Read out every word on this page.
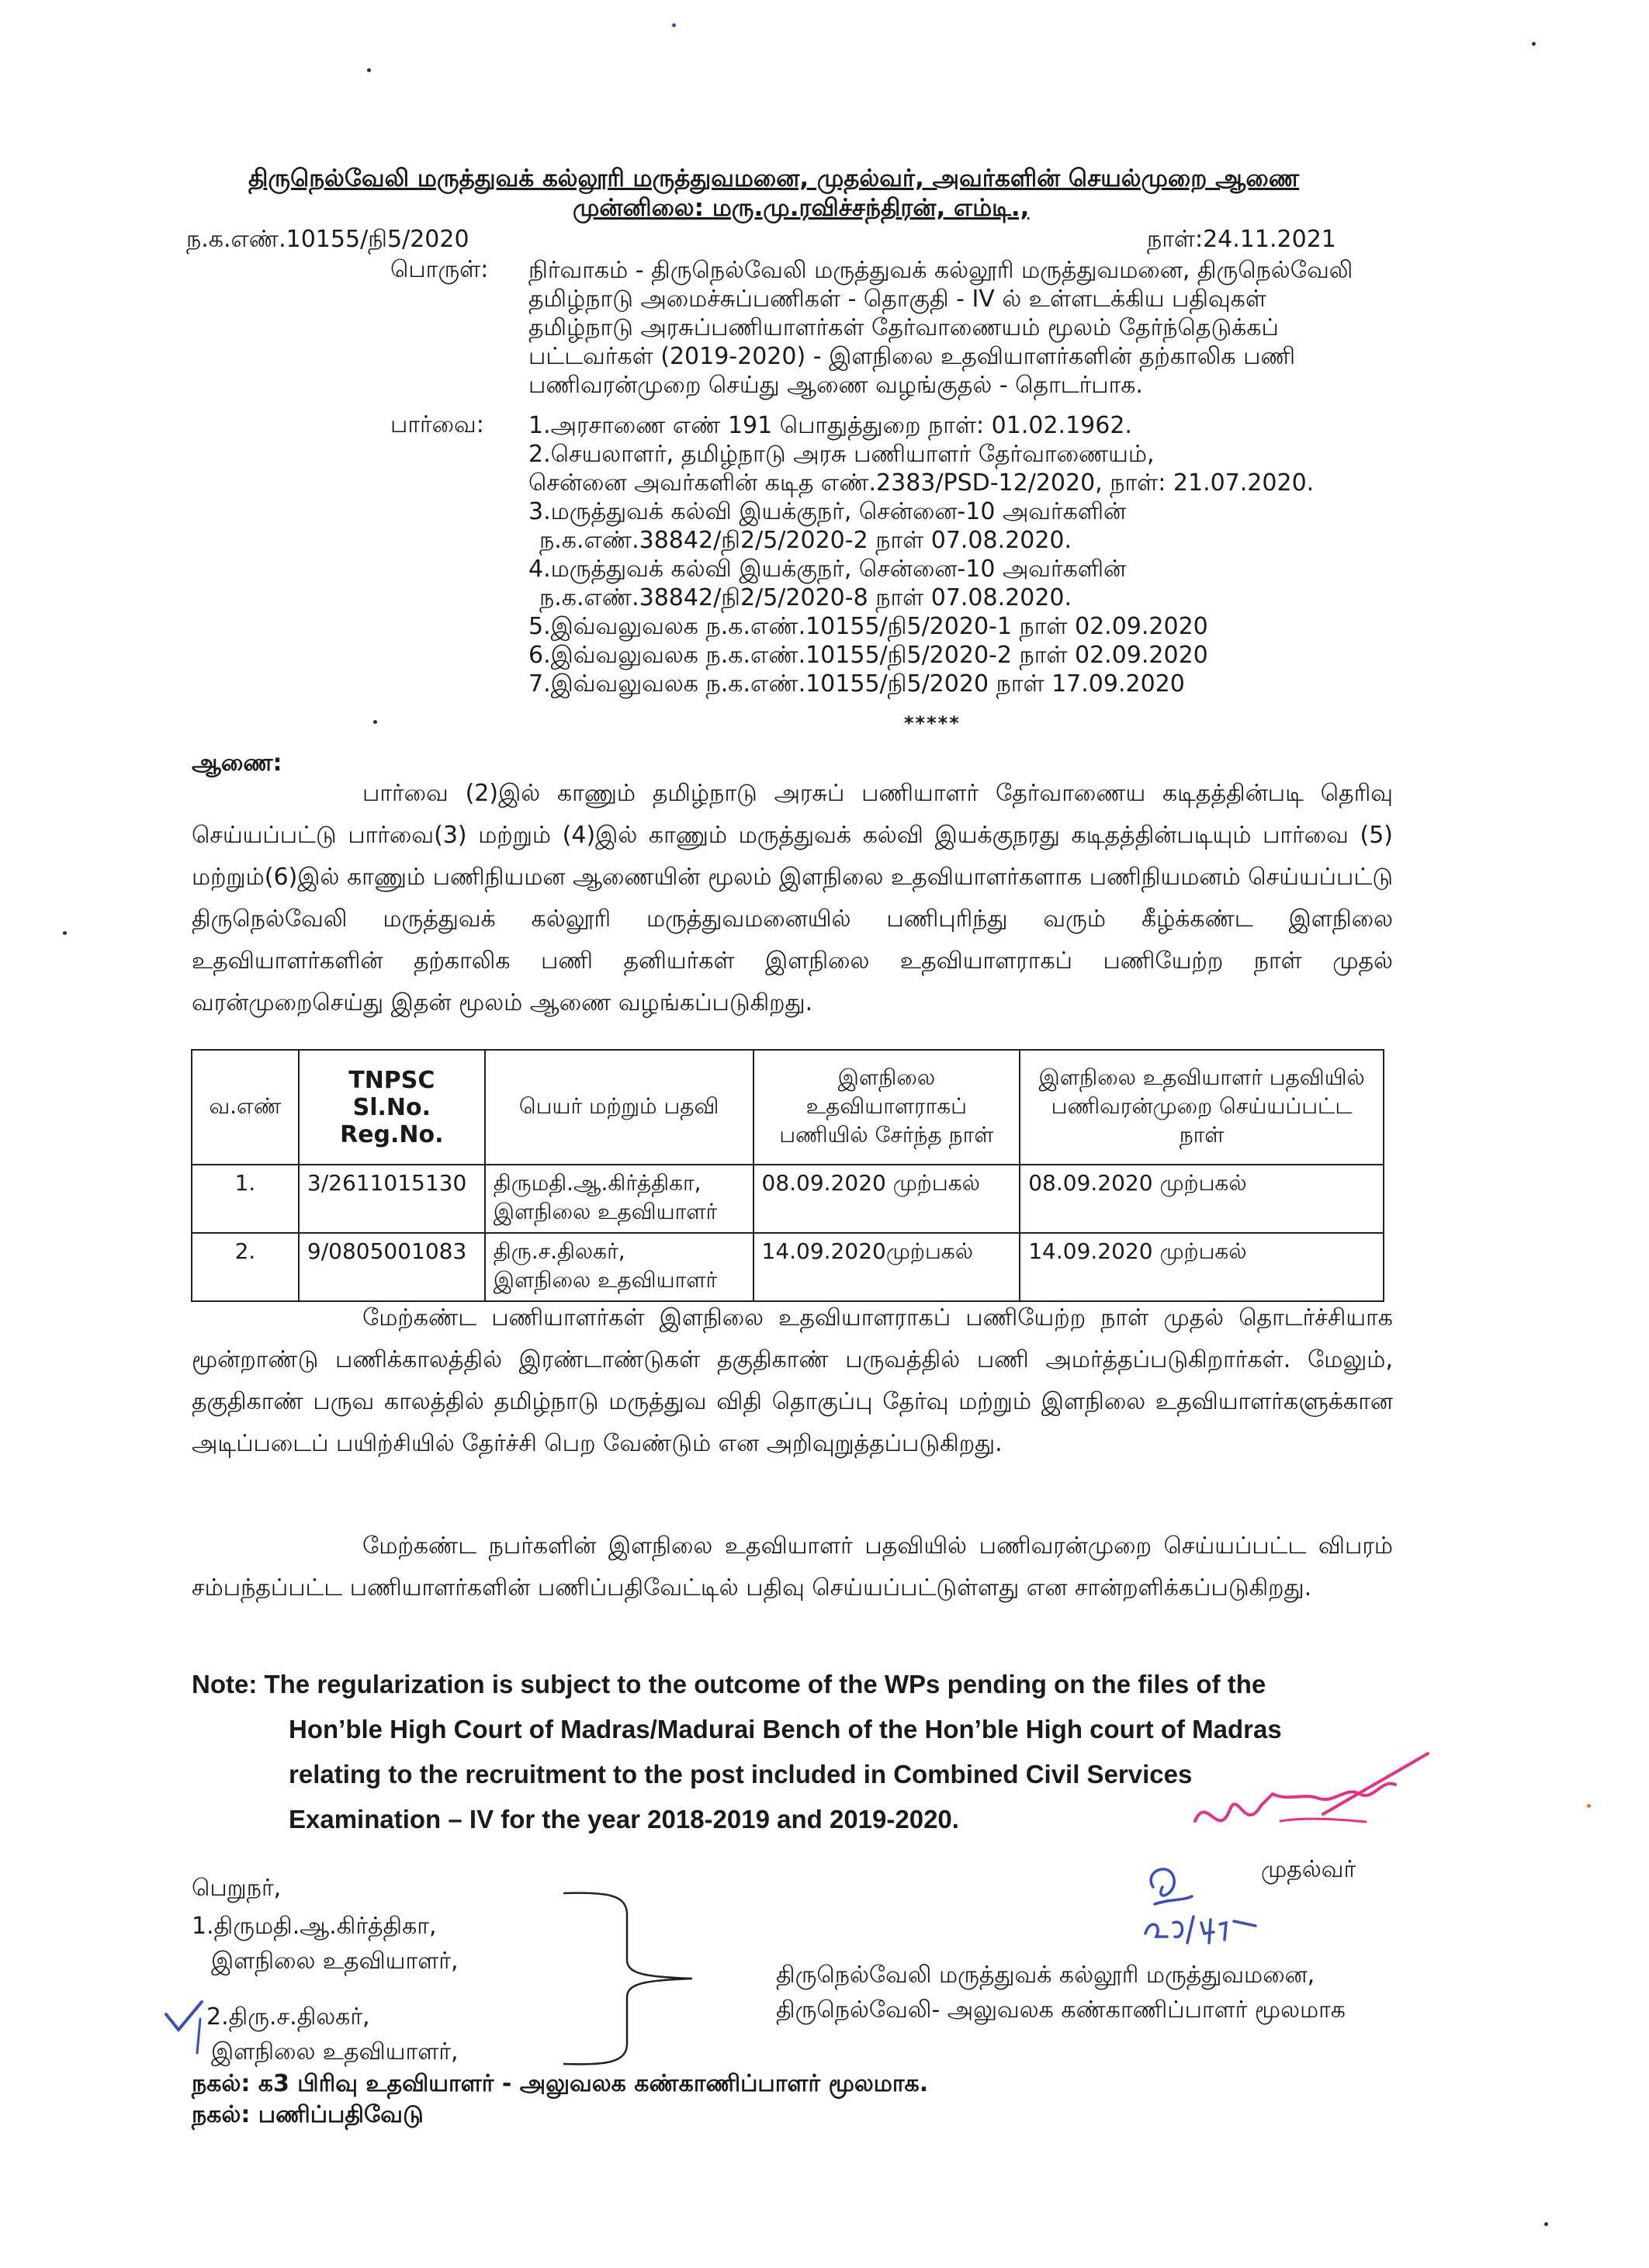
திருநெல்வேலி மருத்துவக் கல்லூரி மருத்துவமனை, முதல்வர், அவர்களின் செயல்முறை ஆணை
முன்னிலை: மரு.மு.ரவிச்சந்திரன், எம்டி.,
ந.க.எண்.10155/நி5/2020	நாள்:24.11.2021
பொருள்: நிர்வாகம் - திருநெல்வேலி மருத்துவக் கல்லூரி மருத்துவமனை, திருநெல்வேலி
தமிழ்நாடு அமைச்சுப்பணிகள் - தொகுதி - IV ல் உள்ளடக்கிய பதிவுகள்
தமிழ்நாடு அரசுப்பணியாளர்கள் தேர்வாணையம் மூலம் தேர்ந்தெடுக்கப்
பட்டவர்கள் (2019-2020) - இளநிலை உதவியாளர்களின் தற்காலிக பணி
பணிவரன்முறை செய்து ஆணை வழங்குதல் - தொடர்பாக.
பார்வை: 1.அரசாணை எண் 191 பொதுத்துறை நாள்: 01.02.1962.
2.செயலாளர், தமிழ்நாடு அரசு பணியாளர் தேர்வாணையம்,
சென்னை அவர்களின் கடித எண்.2383/PSD-12/2020, நாள்: 21.07.2020.
3.மருத்துவக் கல்வி இயக்குநர், சென்னை-10 அவர்களின்
ந.க.எண்.38842/நி2/5/2020-2 நாள் 07.08.2020.
4.மருத்துவக் கல்வி இயக்குநர், சென்னை-10 அவர்களின்
ந.க.எண்.38842/நி2/5/2020-8 நாள் 07.08.2020.
5.இவ்வலுவலக ந.க.எண்.10155/நி5/2020-1 நாள் 02.09.2020
6.இவ்வலுவலக ந.க.எண்.10155/நி5/2020-2 நாள் 02.09.2020
7.இவ்வலுவலக ந.க.எண்.10155/நி5/2020 நாள் 17.09.2020
*****
ஆணை:
பார்வை (2)இல் காணும் தமிழ்நாடு அரசுப் பணியாளர் தேர்வாணைய கடிதத்தின்படி தெரிவு செய்யப்பட்டு பார்வை(3) மற்றும் (4)இல் காணும் மருத்துவக் கல்வி இயக்குநரது கடிதத்தின்படியும் பார்வை (5) மற்றும்(6)இல் காணும் பணிநியமன ஆணையின் மூலம் இளநிலை உதவியாளர்களாக பணிநியமனம் செய்யப்பட்டு திருநெல்வேலி மருத்துவக் கல்லூரி மருத்துவமனையில் பணிபுரிந்து வரும் கீழ்க்கண்ட இளநிலை உதவியாளர்களின் தற்காலிக பணி தனியர்கள் இளநிலை உதவியாளராகப் பணியேற்ற நாள் முதல் வரன்முறைசெய்து இதன் மூலம் ஆணை வழங்கப்படுகிறது.
வ.எண்	TNPSC Sl.No. Reg.No.	பெயர் மற்றும் பதவி	இளநிலை உதவியாளராகப் பணியில் சேர்ந்த நாள்	இளநிலை உதவியாளர் பதவியில் பணிவரன்முறை செய்யப்பட்ட நாள்
1.	3/2611015130	திருமதி.ஆ.கிர்த்திகா,
இளநிலை உதவியாளர்	08.09.2020 முற்பகல்	08.09.2020 முற்பகல்
2.	9/0805001083	திரு.ச.திலகர்,
இளநிலை உதவியாளர்	14.09.2020முற்பகல்	14.09.2020 முற்பகல்
மேற்கண்ட பணியாளர்கள் இளநிலை உதவியாளராகப் பணியேற்ற நாள் முதல் தொடர்ச்சியாக மூன்றாண்டு பணிக்காலத்தில் இரண்டாண்டுகள் தகுதிகாண் பருவத்தில் பணி அமர்த்தப்படுகிறார்கள். மேலும், தகுதிகாண் பருவ காலத்தில் தமிழ்நாடு மருத்துவ விதி தொகுப்பு தேர்வு மற்றும் இளநிலை உதவியாளர்களுக்கான அடிப்படைப் பயிற்சியில் தேர்ச்சி பெற வேண்டும் என அறிவுறுத்தப்படுகிறது.
மேற்கண்ட நபர்களின் இளநிலை உதவியாளர் பதவியில் பணிவரன்முறை செய்யப்பட்ட விபரம் சம்பந்தப்பட்ட பணியாளர்களின் பணிப்பதிவேட்டில் பதிவு செய்யப்பட்டுள்ளது என சான்றளிக்கப்படுகிறது.
Note: The regularization is subject to the outcome of the WPs pending on the files of the
Hon’ble High Court of Madras/Madurai Bench of the Hon’ble High court of Madras
relating to the recruitment to the post included in Combined Civil Services
Examination – IV for the year 2018-2019 and 2019-2020.
முதல்வர்
பெறுநர்,
1.திருமதி.ஆ.கிர்த்திகா,
இளநிலை உதவியாளர்,
2.திரு.ச.திலகர்,
இளநிலை உதவியாளர்,
திருநெல்வேலி மருத்துவக் கல்லூரி மருத்துவமனை,
திருநெல்வேலி- அலுவலக கண்காணிப்பாளர் மூலமாக
நகல்: க3 பிரிவு உதவியாளர் - அலுவலக கண்காணிப்பாளர் மூலமாக.
நகல்: பணிப்பதிவேடு
